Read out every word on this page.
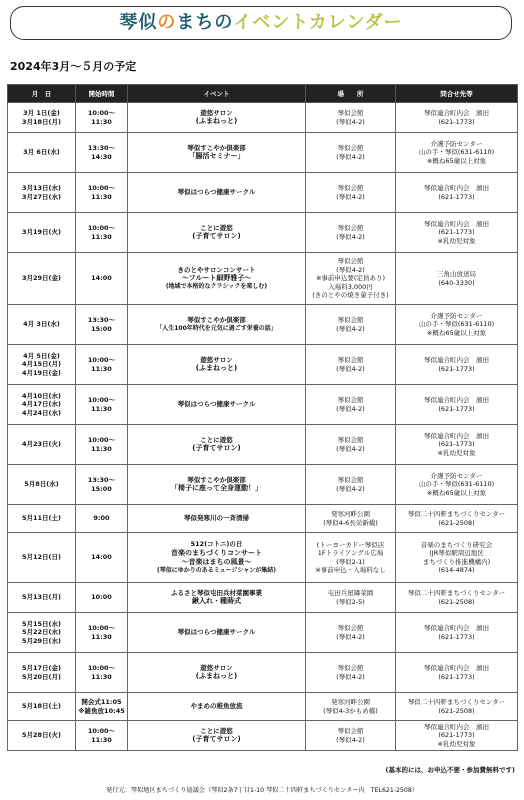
琴似のまちのイベントカレンダー
2024年3月～５月の予定
月　日	開始時間	イベント	場　　所	問合せ先等

3月 1日(金)
3月18日(月)	10:00～
11:30	遊悠サロン
(ふまねっと)	琴似会館
(琴似4-2)	琴似連合町内会　濱田
(621-1773)

3月 6日(水)	13:30～
14:30	琴似すこやか倶楽部
「腸活セミナー」	琴似会館
(琴似4-2)	介護予防センター
山の手・琴似(631-6110)
※概ね65歳以上対象

3月13日(水)
3月27日(水)	10:00～
11:30	琴似はつらつ健康サークル	琴似会館
(琴似4-2)	琴似連合町内会　濱田
(621-1773)

3月19日(火)	10:00～
11:30	ことに遊悠
(子育てサロン)	琴似会館
(琴似4-2)	琴似連合町内会　濱田
(621-1773)
※乳幼児対象

3月29日(金)	14:00	きのとやサロンコンサート
～フルート細野雅子～
(地域で本格的なクラシックを楽しむ)	琴似会館
(琴似4-2)
※事前申込要(定員あり)
入場料3,000円
(きのとやの焼き菓子付き)	三角山放送局
(640-3330)

4月 3日(水)	13:30～
15:00	琴似すこやか倶楽部
「人生100年時代を元気に過ごす栄養の話」	琴似会館
(琴似4-2)	介護予防センター
山の手・琴似(631-6110)
※概ね65歳以上対象

4月 5日(金)
4月15日(月)
4月19日(金)	10:00～
11:30	遊悠サロン
(ふまねっと)	琴似会館
(琴似4-2)	琴似連合町内会　濱田
(621-1773)

4月10日(水)
4月17日(水)
4月24日(水)	10:00～
11:30	琴似はつらつ健康サークル	琴似会館
(琴似4-2)	琴似連合町内会　濱田
(621-1773)

4月23日(火)	10:00～
11:30	ことに遊悠
(子育てサロン)	琴似会館
(琴似4-2)	琴似連合町内会　濱田
(621-1773)
※乳幼児対象

5月8日(水)	13:30～
15:00	琴似すこやか倶楽部
「椅子に座って全身運動！」	琴似会館
(琴似4-2)	介護予防センター
山の手・琴似(631-6110)
※概ね65歳以上対象

5月11日(土)	9:00	琴似発寒川の一斉清掃	発寒河畔公園
(琴似4-6長栄新橋)	琴似二十四軒まちづくりセンター
(621-2508)

5月12日(日)	14:00	512(コトニ)の日
音楽のまちづくりコンサート
～音楽はまちの風景～
(琴似にゆかりのあるミュージシャンが集結)	(トーヨーカドー琴似店
1Fトライアングル広場
(琴似2-1)
※事前申込・入場料なし	音楽のまちづくり研究会
(JR琴似駅周辺地区
まちづくり推進機構内)
(614-4874)

5月13日(月)	10:00	ふるさと琴似屯田兵村菜園事業
鍬入れ・種蒔式	屯田兵屋隣菜園
(琴似2-5)	琴似二十四軒まちづくりセンター
(621-2508)

5月15日(水)
5月22日(水)
5月29日(水)	10:00～
11:30	琴似はつらつ健康サークル	琴似会館
(琴似4-2)	琴似連合町内会　濱田
(621-1773)

5月17日(金)
5月20日(月)	10:00～
11:30	遊悠サロン
(ふまねっと)	琴似会館
(琴似4-2)	琴似連合町内会　濱田
(621-1773)

5月18日(土)	開会式11:05
※雑魚放10:45	やまめの稚魚放流	発寒河畔公園
(琴似4-3かもめ橋)	琴似二十四軒まちづくりセンター
(621-2508)

5月28日(火)	10:00～
11:30	ことに遊悠
(子育てサロン)	琴似会館
(琴似4-2)	琴似連合町内会　濱田
(621-1773)
※乳幼児対象
(基本的には、お申込不要・参加費無料です)
発行元：琴似地区まちづくり協議会（琴似2条7丁目1-10 琴似二十四軒まちづくりセンター内　TEL621-2508）
